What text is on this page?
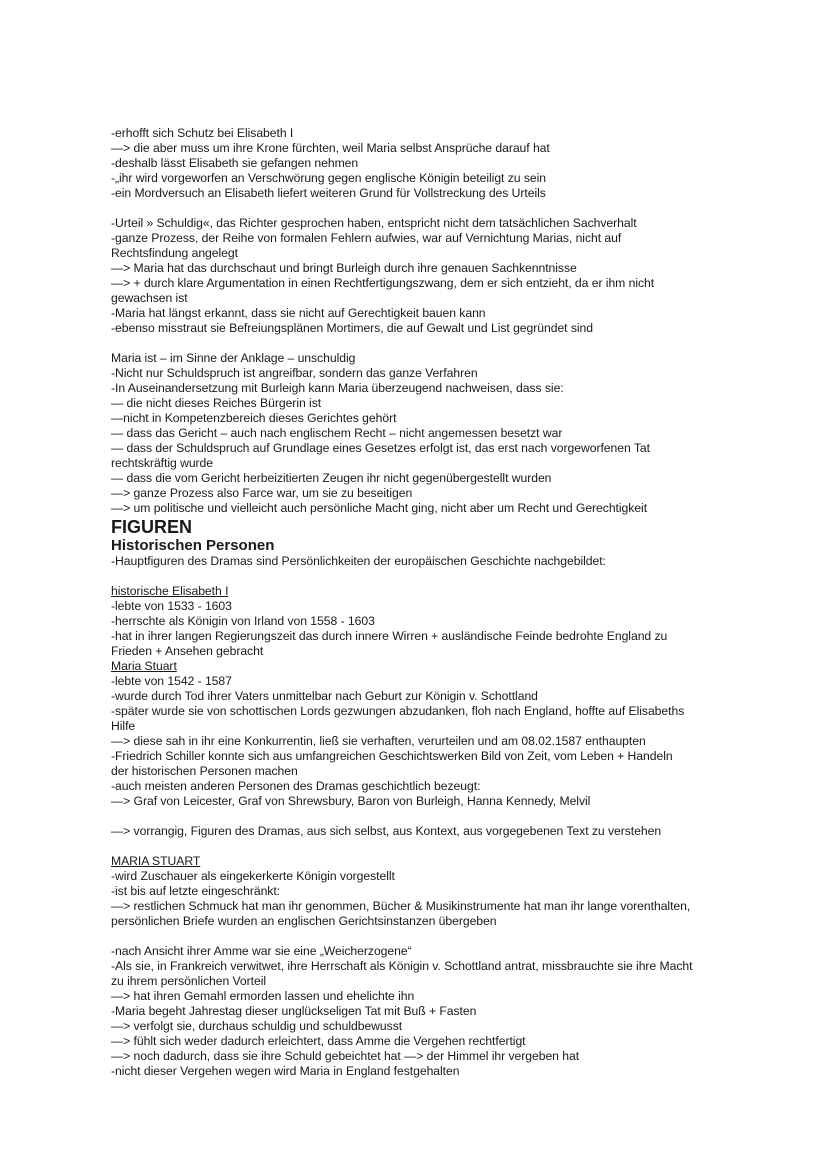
-erhofft sich Schutz bei Elisabeth I
—> die aber muss um ihre Krone fürchten, weil Maria selbst Ansprüche darauf hat
-deshalb lässt Elisabeth sie gefangen nehmen
-„ihr wird vorgeworfen an Verschwörung gegen englische Königin beteiligt zu sein
-ein Mordversuch an Elisabeth liefert weiteren Grund für Vollstreckung des Urteils
-Urteil » Schuldig«, das Richter gesprochen haben, entspricht nicht dem tatsächlichen Sachverhalt
-ganze Prozess, der Reihe von formalen Fehlern aufwies, war auf Vernichtung Marias, nicht auf
Rechtsfindung angelegt
—> Maria hat das durchschaut und bringt Burleigh durch ihre genauen Sachkenntnisse
—> + durch klare Argumentation in einen Rechtfertigungszwang, dem er sich entzieht, da er ihm nicht
gewachsen ist
-Maria hat längst erkannt, dass sie nicht auf Gerechtigkeit bauen kann
-ebenso misstraut sie Befreiungsplänen Mortimers, die auf Gewalt und List gegründet sind
Maria ist – im Sinne der Anklage – unschuldig
-Nicht nur Schuldspruch ist angreifbar, sondern das ganze Verfahren
-In Auseinandersetzung mit Burleigh kann Maria überzeugend nachweisen, dass sie:
— die nicht dieses Reiches Bürgerin ist
—nicht in Kompetenzbereich dieses Gerichtes gehört
— dass das Gericht – auch nach englischem Recht – nicht angemessen besetzt war
— dass der Schuldspruch auf Grundlage eines Gesetzes erfolgt ist, das erst nach vorgeworfenen Tat
rechtskräftig wurde
— dass die vom Gericht herbeizitierten Zeugen ihr nicht gegenübergestellt wurden
—> ganze Prozess also Farce war, um sie zu beseitigen
—> um politische und vielleicht auch persönliche Macht ging, nicht aber um Recht und Gerechtigkeit
FIGUREN
Historischen Personen
-Hauptfiguren des Dramas sind Persönlichkeiten der europäischen Geschichte nachgebildet:
historische Elisabeth I
-lebte von 1533 - 1603
-herrschte als Königin von Irland von 1558 - 1603
-hat in ihrer langen Regierungszeit das durch innere Wirren + ausländische Feinde bedrohte England zu
Frieden + Ansehen gebracht
Maria Stuart
-lebte von 1542 - 1587
-wurde durch Tod ihrer Vaters unmittelbar nach Geburt zur Königin v. Schottland
-später wurde sie von schottischen Lords gezwungen abzudanken, floh nach England, hoffte auf Elisabeths
Hilfe
—> diese sah in ihr eine Konkurrentin, ließ sie verhaften, verurteilen und am 08.02.1587 enthaupten
-Friedrich Schiller konnte sich aus umfangreichen Geschichtswerken Bild von Zeit, vom Leben + Handeln
der historischen Personen machen
-auch meisten anderen Personen des Dramas geschichtlich bezeugt:
—> Graf von Leicester, Graf von Shrewsbury, Baron von Burleigh, Hanna Kennedy, Melvil
—> vorrangig, Figuren des Dramas, aus sich selbst, aus Kontext, aus vorgegebenen Text zu verstehen
MARIA STUART
-wird Zuschauer als eingekerkerte Königin vorgestellt
-ist bis auf letzte eingeschränkt:
—> restlichen Schmuck hat man ihr genommen, Bücher & Musikinstrumente hat man ihr lange vorenthalten,
persönlichen Briefe wurden an englischen Gerichtsinstanzen übergeben
-nach Ansicht ihrer Amme war sie eine „Weicherzogene“
-Als sie, in Frankreich verwitwet, ihre Herrschaft als Königin v. Schottland antrat, missbrauchte sie ihre Macht
zu ihrem persönlichen Vorteil
—> hat ihren Gemahl ermorden lassen und ehelichte ihn
-Maria begeht Jahrestag dieser unglückseligen Tat mit Buß + Fasten
—> verfolgt sie, durchaus schuldig und schuldbewusst
—> fühlt sich weder dadurch erleichtert, dass Amme die Vergehen rechtfertigt
—> noch dadurch, dass sie ihre Schuld gebeichtet hat —> der Himmel ihr vergeben hat
-nicht dieser Vergehen wegen wird Maria in England festgehalten
